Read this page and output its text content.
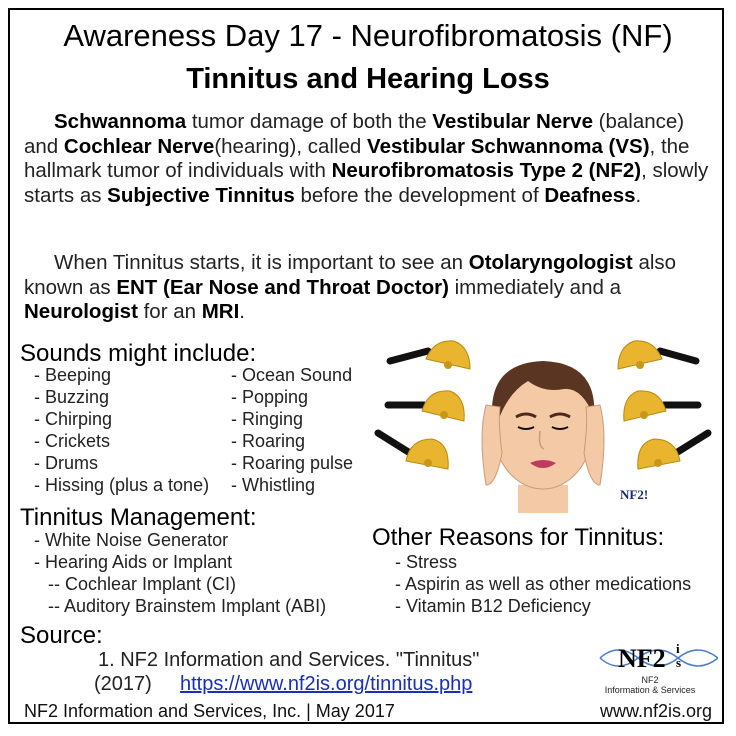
Awareness Day 17 - Neurofibromatosis (NF)
Tinnitus and Hearing Loss
Schwannoma tumor damage of both the Vestibular Nerve (balance) and Cochlear Nerve(hearing), called Vestibular Schwannoma (VS), the hallmark tumor of individuals with Neurofibromatosis Type 2 (NF2), slowly starts as Subjective Tinnitus before the development of Deafness.
When Tinnitus starts, it is important to see an Otolaryngologist also known as ENT (Ear Nose and Throat Doctor) immediately and a Neurologist for an MRI.
Sounds might include:
- Beeping
- Buzzing
- Chirping
- Crickets
- Drums
- Hissing (plus a tone)
- Ocean Sound
- Popping
- Ringing
- Roaring
- Roaring pulse
- Whistling	NF2!
Tinnitus Management:
- White Noise Generator
- Hearing Aids or Implant
-- Cochlear Implant (CI)
-- Auditory Brainstem Implant (ABI)
Other Reasons for Tinnitus:
- Stress
- Aspirin as well as other medications
- Vitamin B12 Deficiency
Source:
1. NF2 Information and Services. "Tinnitus"
(2017) https://www.nf2is.org/tinnitus.php
NF2 i
s
NF2
Information & Services
NF2 Information and Services, Inc. | May 2017	www.nf2is.org
